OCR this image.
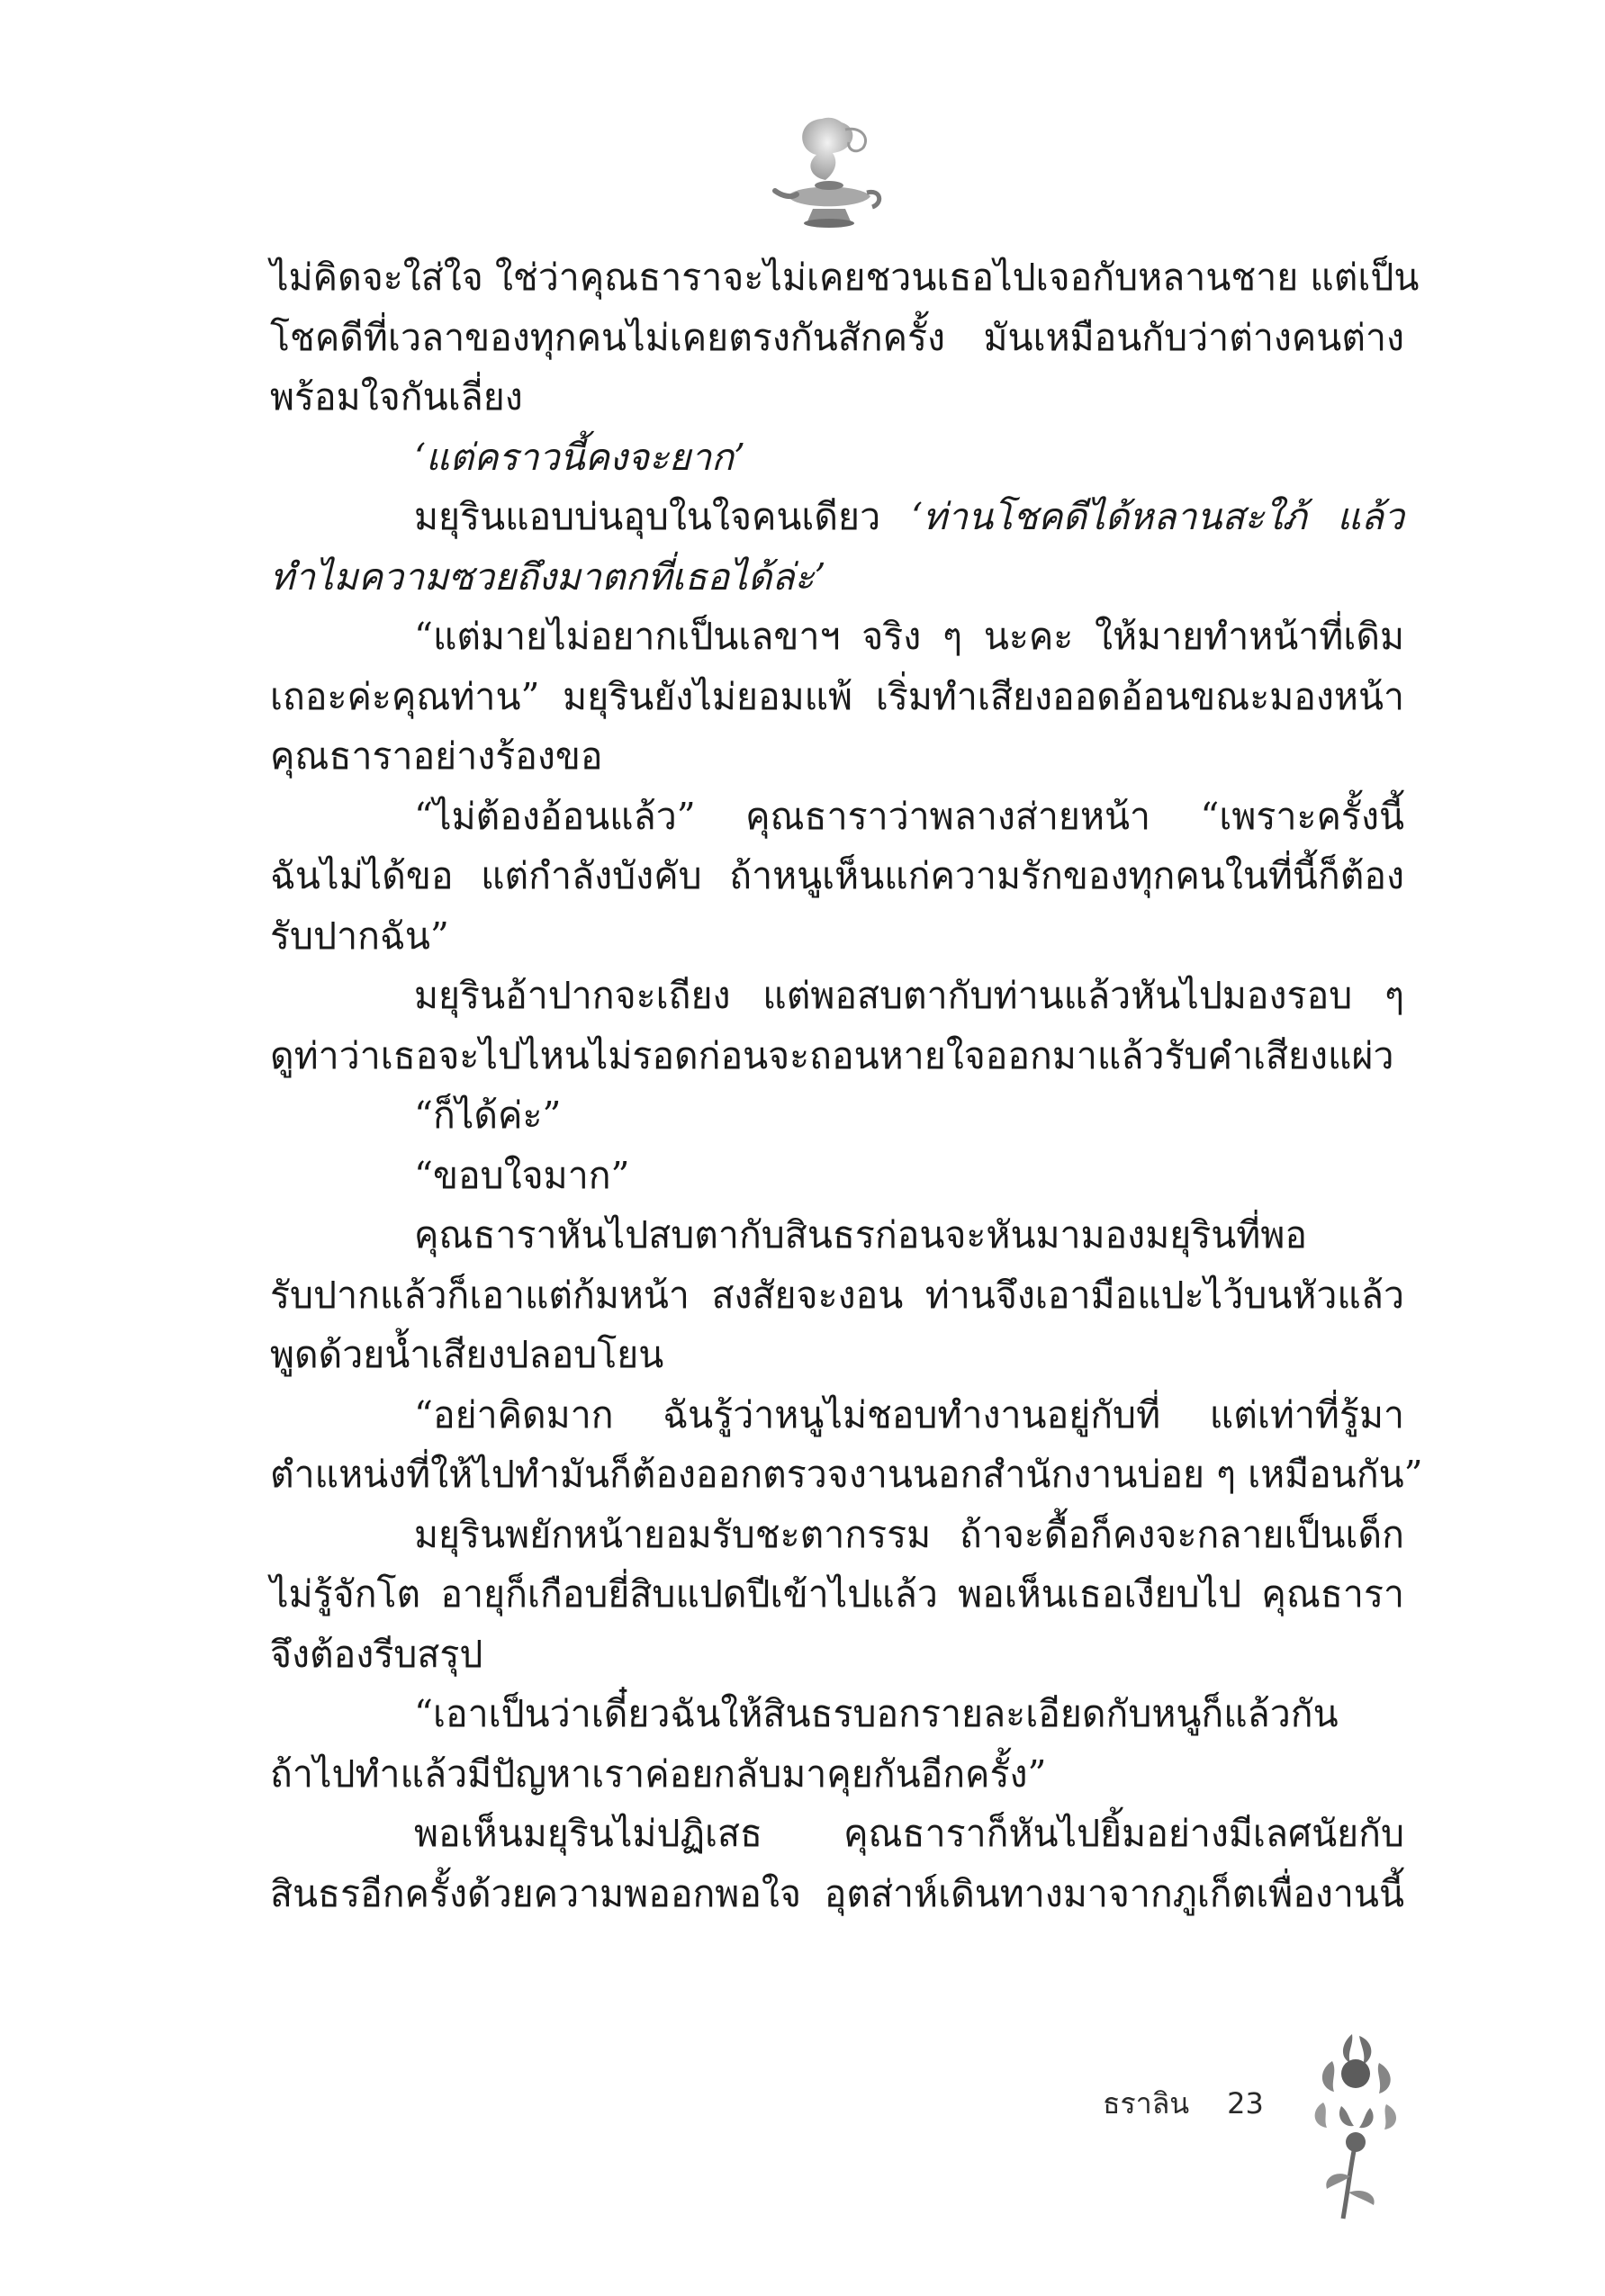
ไม่คิดจะใส่ใจ ใช่ว่าคุณธาราจะไม่เคยชวนเธอไปเจอกับหลานชาย แต่เป็น
โชคดีที่เวลาของทุกคนไม่เคยตรงกันสักครั้ง มันเหมือนกับว่าต่างคนต่าง
พร้อมใจกันเลี่ยง
‘แต่คราวนี้คงจะยาก’
มยุรินแอบบ่นอุบในใจคนเดียว ‘ท่านโชคดีได้หลานสะใภ้ แล้ว
ทำไมความซวยถึงมาตกที่เธอได้ล่ะ’
“แต่มายไม่อยากเป็นเลขาฯ จริง ๆ นะคะ ให้มายทำหน้าที่เดิม
เถอะค่ะคุณท่าน” มยุรินยังไม่ยอมแพ้ เริ่มทำเสียงออดอ้อนขณะมองหน้า
คุณธาราอย่างร้องขอ
“ไม่ต้องอ้อนแล้ว” คุณธาราว่าพลางส่ายหน้า “เพราะครั้งนี้
ฉันไม่ได้ขอ แต่กำลังบังคับ ถ้าหนูเห็นแก่ความรักของทุกคนในที่นี้ก็ต้อง
รับปากฉัน”
มยุรินอ้าปากจะเถียง แต่พอสบตากับท่านแล้วหันไปมองรอบ ๆ
ดูท่าว่าเธอจะไปไหนไม่รอดก่อนจะถอนหายใจออกมาแล้วรับคำเสียงแผ่ว
“ก็ได้ค่ะ”
“ขอบใจมาก”
คุณธาราหันไปสบตากับสินธรก่อนจะหันมามองมยุรินที่พอ
รับปากแล้วก็เอาแต่ก้มหน้า สงสัยจะงอน ท่านจึงเอามือแปะไว้บนหัวแล้ว
พูดด้วยน้ำเสียงปลอบโยน
“อย่าคิดมาก ฉันรู้ว่าหนูไม่ชอบทำงานอยู่กับที่ แต่เท่าที่รู้มา
ตำแหน่งที่ให้ไปทำมันก็ต้องออกตรวจงานนอกสำนักงานบ่อย ๆ เหมือนกัน”
มยุรินพยักหน้ายอมรับชะตากรรม ถ้าจะดื้อก็คงจะกลายเป็นเด็ก
ไม่รู้จักโต อายุก็เกือบยี่สิบแปดปีเข้าไปแล้ว พอเห็นเธอเงียบไป คุณธารา
จึงต้องรีบสรุป
“เอาเป็นว่าเดี๋ยวฉันให้สินธรบอกรายละเอียดกับหนูก็แล้วกัน
ถ้าไปทำแล้วมีปัญหาเราค่อยกลับมาคุยกันอีกครั้ง”
พอเห็นมยุรินไม่ปฏิเสธ คุณธาราก็หันไปยิ้มอย่างมีเลศนัยกับ
สินธรอีกครั้งด้วยความพออกพอใจ อุตส่าห์เดินทางมาจากภูเก็ตเพื่องานนี้
ธราลิน 23
